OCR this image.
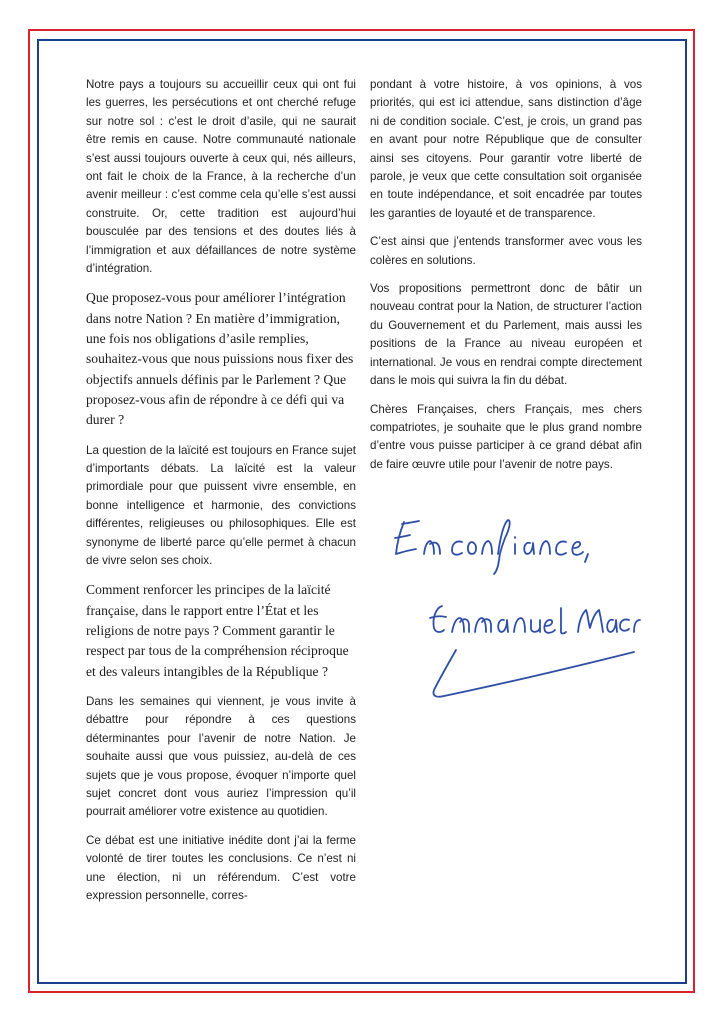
Notre pays a toujours su accueillir ceux qui ont fui les guerres, les persécutions et ont cherché refuge sur notre sol : c’est le droit d’asile, qui ne saurait être remis en cause. Notre communauté nationale s’est aussi toujours ouverte à ceux qui, nés ailleurs, ont fait le choix de la France, à la recherche d’un avenir meilleur : c’est comme cela qu’elle s’est aussi construite. Or, cette tradition est aujourd’hui bousculée par des tensions et des doutes liés à l’immigration et aux défaillances de notre système d’intégration.

Que proposez-vous pour améliorer l’intégration dans notre Nation ? En matière d’immigration, une fois nos obligations d’asile remplies, souhaitez-vous que nous puissions nous fixer des objectifs annuels définis par le Parlement ? Que proposez-vous afin de répondre à ce défi qui va durer ?

La question de la laïcité est toujours en France sujet d’importants débats. La laïcité est la valeur primordiale pour que puissent vivre ensemble, en bonne intelligence et harmonie, des convictions différentes, religieuses ou philosophiques. Elle est synonyme de liberté parce qu’elle permet à chacun de vivre selon ses choix.

Comment renforcer les principes de la laïcité française, dans le rapport entre l’État et les religions de notre pays ? Comment garantir le respect par tous de la compréhension réciproque et des valeurs intangibles de la République ?

Dans les semaines qui viennent, je vous invite à débattre pour répondre à ces questions déterminantes pour l’avenir de notre Nation. Je souhaite aussi que vous puissiez, au-delà de ces sujets que je vous propose, évoquer n’importe quel sujet concret dont vous auriez l’impression qu’il pourrait améliorer votre existence au quotidien.

Ce débat est une initiative inédite dont j’ai la ferme volonté de tirer toutes les conclusions. Ce n’est ni une élection, ni un référendum. C’est votre expression personnelle, corres-

pondant à votre histoire, à vos opinions, à vos priorités, qui est ici attendue, sans distinction d’âge ni de condition sociale. C’est, je crois, un grand pas en avant pour notre République que de consulter ainsi ses citoyens. Pour garantir votre liberté de parole, je veux que cette consultation soit organisée en toute indépendance, et soit encadrée par toutes les garanties de loyauté et de transparence.

C’est ainsi que j’entends transformer avec vous les colères en solutions.

Vos propositions permettront donc de bâtir un nouveau contrat pour la Nation, de structurer l’action du Gouvernement et du Parlement, mais aussi les positions de la France au niveau européen et international. Je vous en rendrai compte directement dans le mois qui suivra la fin du débat.

Chères Françaises, chers Français, mes chers compatriotes, je souhaite que le plus grand nombre d’entre vous puisse participer à ce grand débat afin de faire œuvre utile pour l’avenir de notre pays.
